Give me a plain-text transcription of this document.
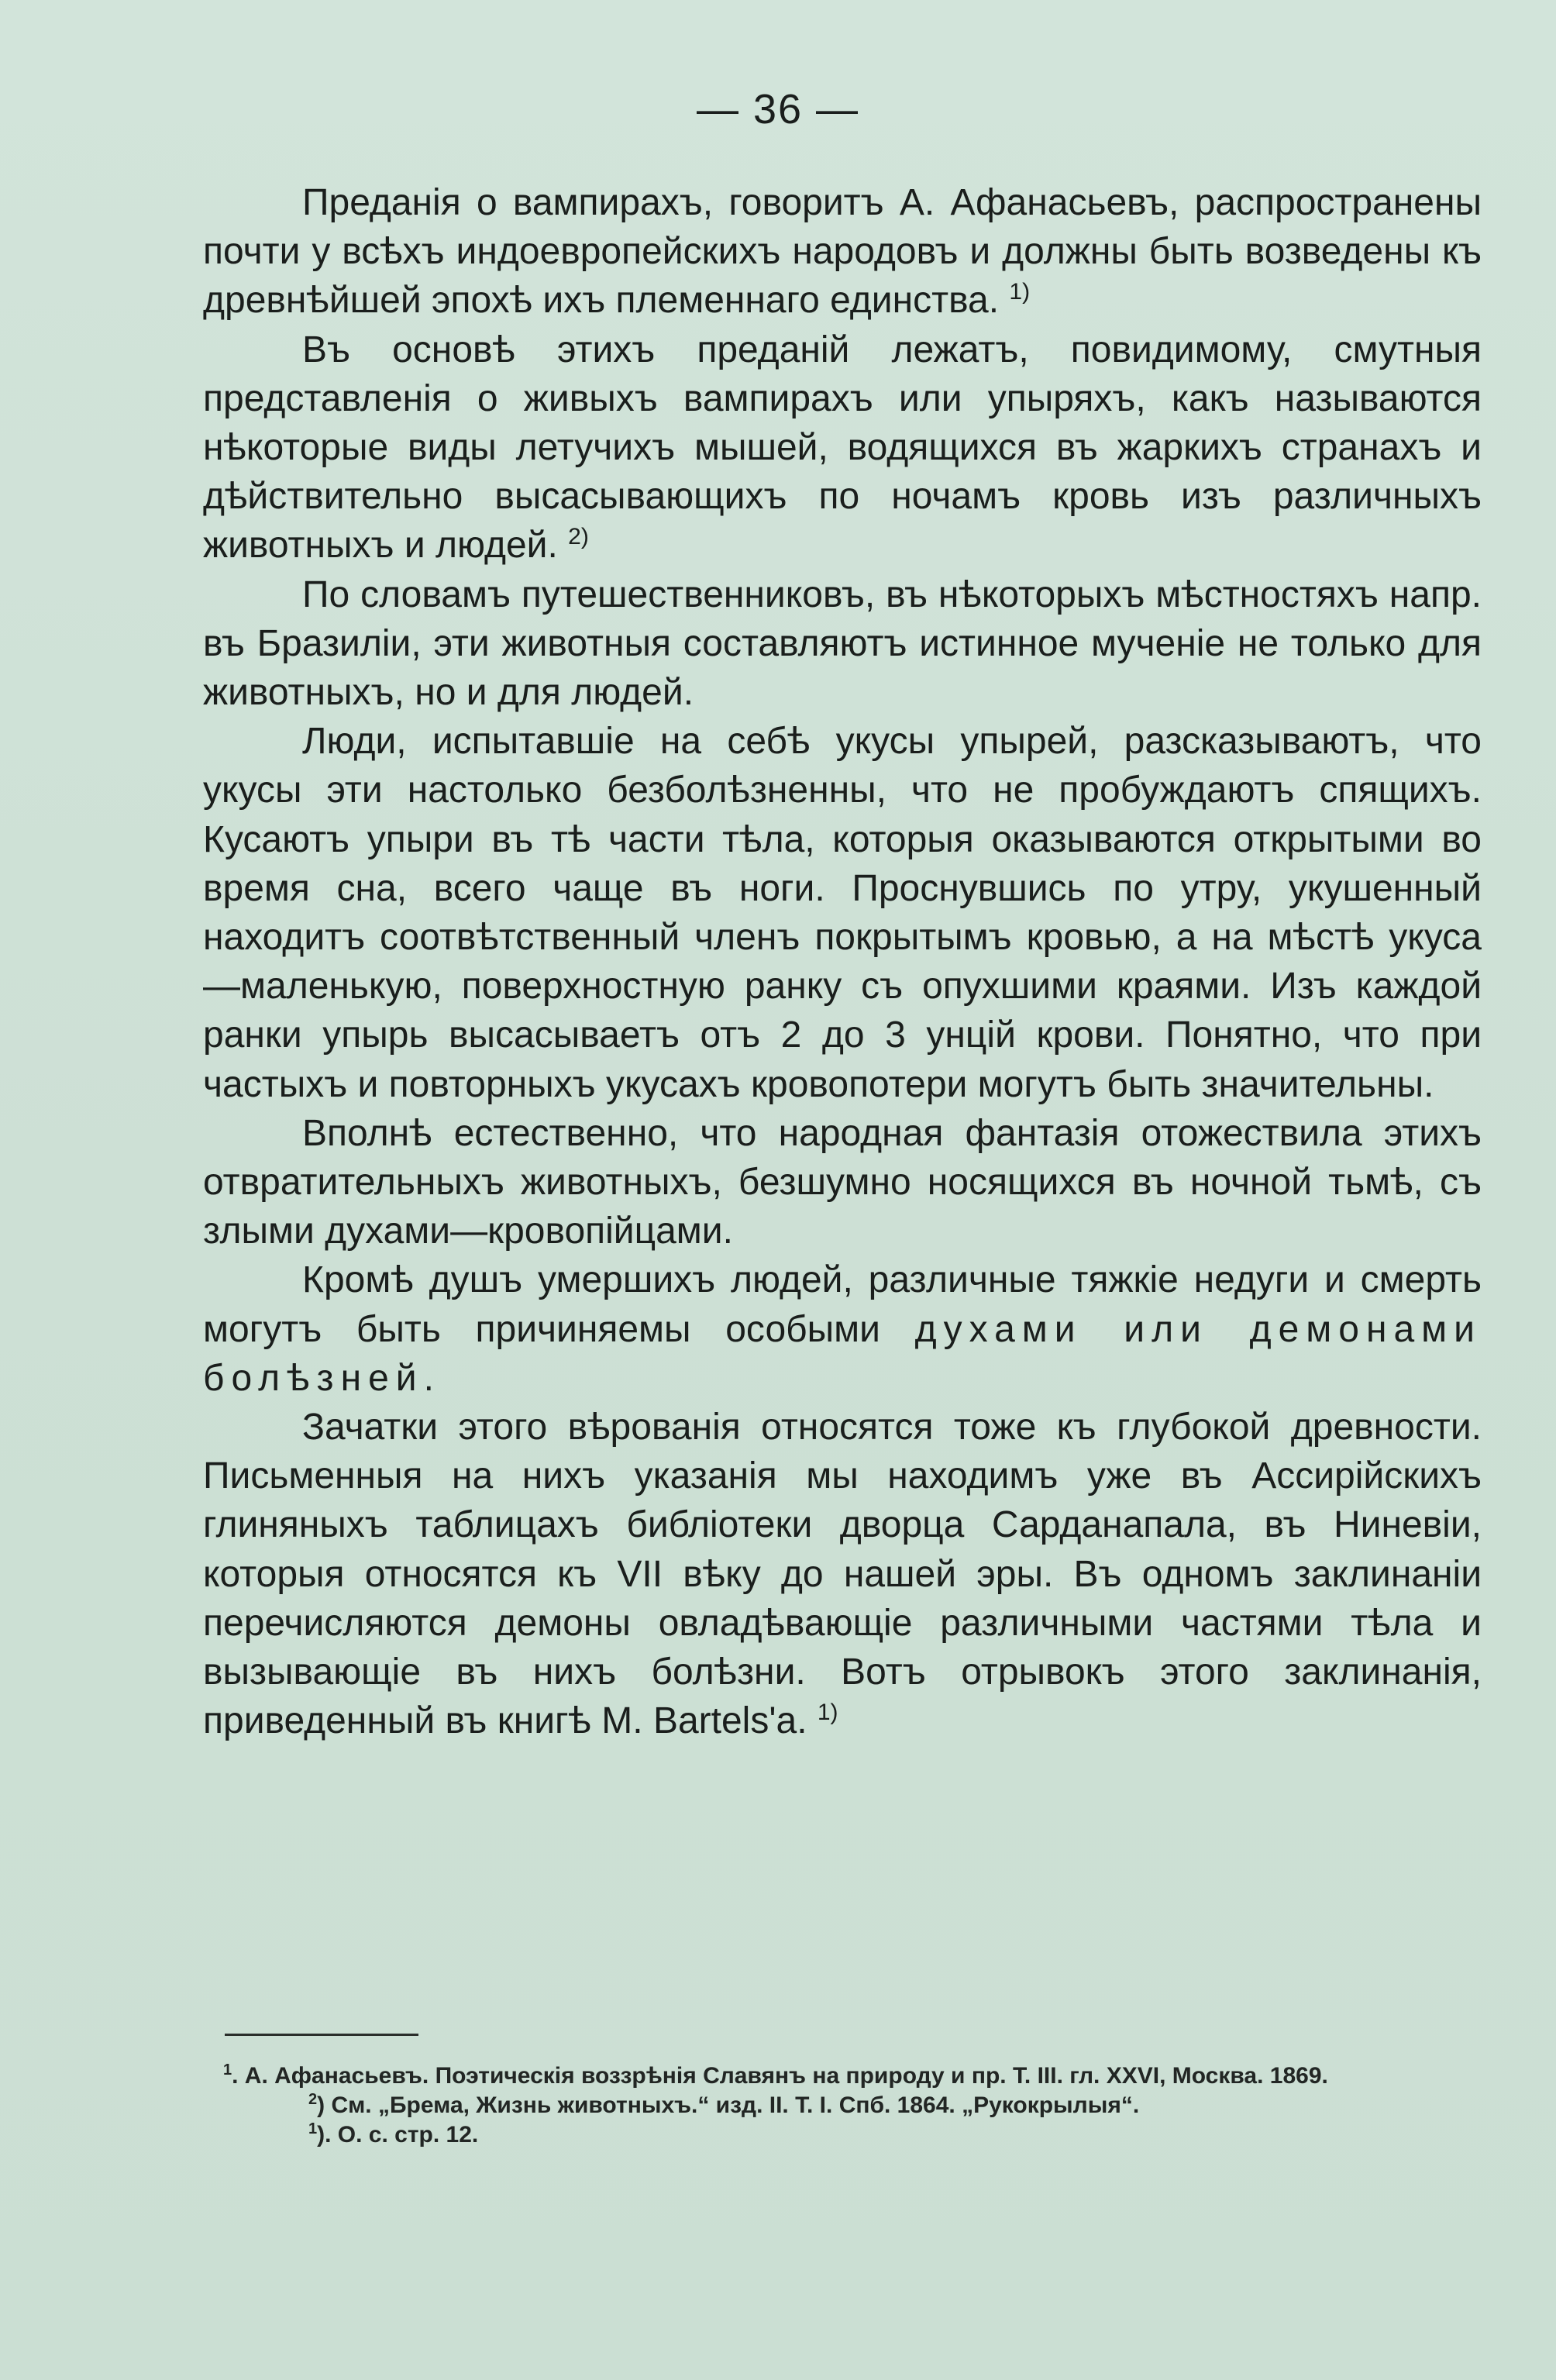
— 36 —

Преданія о вампирахъ, говоритъ А. Афанасьевъ, распространены почти у всѣхъ индоевропейскихъ народовъ и должны быть возведены къ древнѣйшей эпохѣ ихъ племеннаго единства. $^{1)}$

Въ основѣ этихъ преданій лежатъ, повидимому, смутныя представленія о живыхъ вампирахъ или упыряхъ, какъ называются нѣкоторые виды летучихъ мышей, водящихся въ жаркихъ странахъ и дѣйствительно высасывающихъ по ночамъ кровь изъ различныхъ животныхъ и людей. $^{2)}$

По словамъ путешественниковъ, въ нѣкоторыхъ мѣстностяхъ напр. въ Бразиліи, эти животныя составляютъ истинное мученіе не только для животныхъ, но и для людей.

Люди, испытавшіе на себѣ укусы упырей, разсказываютъ, что укусы эти настолько безболѣзненны, что не пробуждаютъ спящихъ. Кусаютъ упыри въ тѣ части тѣла, которыя оказываются открытыми во время сна, всего чаще въ ноги. Проснувшись по утру, укушенный находитъ соотвѣтственный членъ покрытымъ кровью, а на мѣстѣ укуса—маленькую, поверхностную ранку съ опухшими краями. Изъ каждой ранки упырь высасываетъ отъ 2 до 3 унцій крови. Понятно, что при частыхъ и повторныхъ укусахъ кровопотери могутъ быть значительны.

Вполнѣ естественно, что народная фантазія отожествила этихъ отвратительныхъ животныхъ, безшумно носящихся въ ночной тьмѣ, съ злыми духами—кровопійцами.

Кромѣ душъ умершихъ людей, различные тяжкіе недуги и смерть могутъ быть причиняемы особыми духами или демонами болѣзней.

Зачатки этого вѣрованія относятся тоже къ глубокой древности. Письменныя на нихъ указанія мы находимъ уже въ Ассирійскихъ глиняныхъ таблицахъ библіотеки дворца Сарданапала, въ Ниневіи, которыя относятся къ VII вѣку до нашей эры. Въ одномъ заклинаніи перечисляются демоны овладѣвающіе различными частями тѣла и вызывающіе въ нихъ болѣзни. Вотъ отрывокъ этого заклинанія, приведенный въ книгѣ M. Bartels'a. $^{1)}$

$^1$. А. Афанасьевъ. Поэтическія воззрѣнія Славянъ на природу и пр. Т. III. гл. XXVI, Москва. 1869.

$^2$) См. „Брема, Жизнь животныхъ.“ изд. II. Т. I. Спб. 1864. „Рукокрылыя“.

$^1$). О. с. стр. 12.
